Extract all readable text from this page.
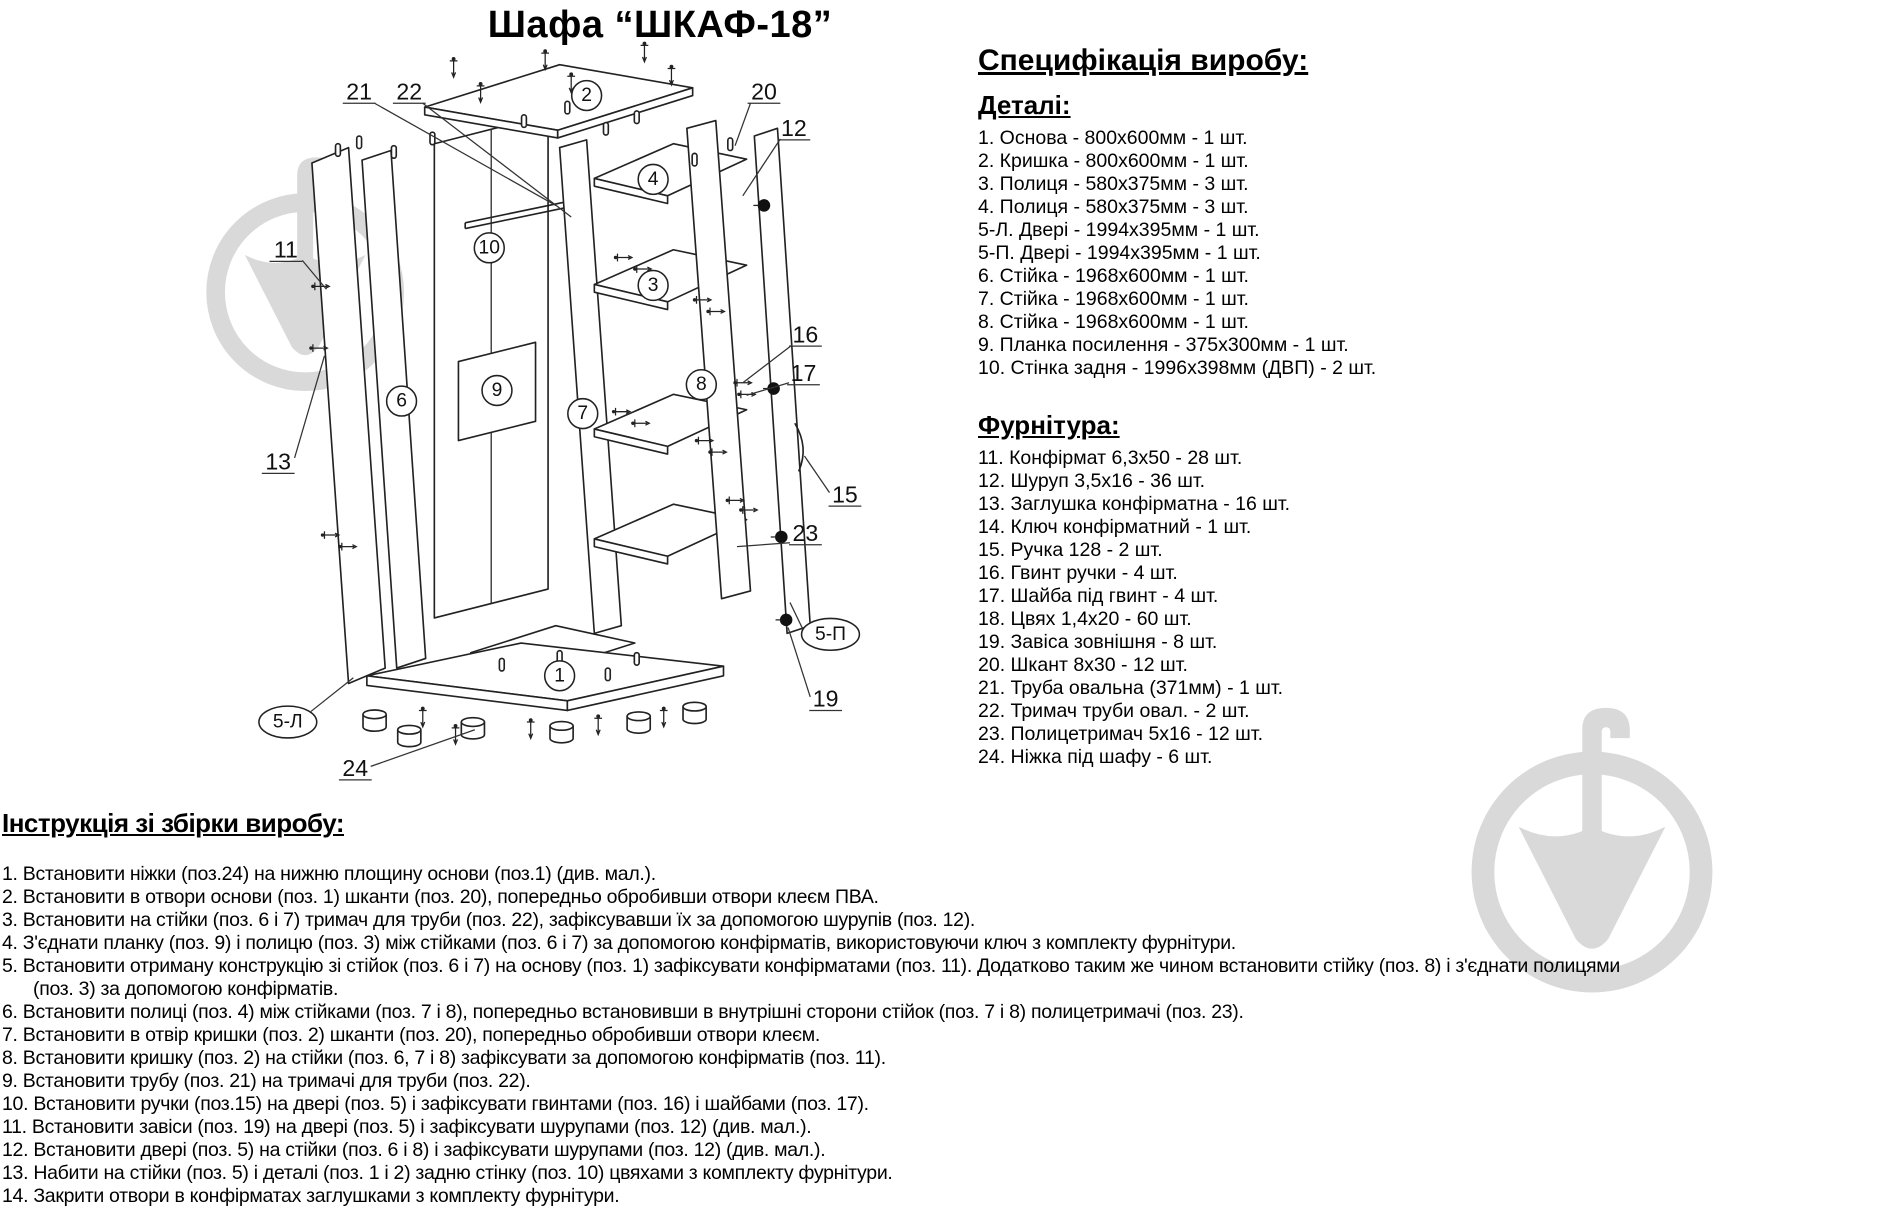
Шафа “ШКАФ-18”
21 22	20
12
11
13
16
17
15
23
19
24
2
4
3
10
9
6
7
8
1
5-Л
5-П
Специфікація виробу:
Деталі:
1. Основа - 800х600мм - 1 шт.
2. Кришка - 800х600мм - 1 шт.
3. Полиця - 580х375мм - 3 шт.
4. Полиця - 580х375мм - 3 шт.
5-Л. Двері - 1994х395мм - 1 шт.
5-П. Двері - 1994х395мм - 1 шт.
6. Стійка - 1968х600мм - 1 шт.
7. Стійка - 1968х600мм - 1 шт.
8. Стійка - 1968х600мм - 1 шт.
9. Планка посилення - 375х300мм - 1 шт.
10. Стінка задня - 1996х398мм (ДВП) - 2 шт.
Фурнітура:
11. Конфірмат 6,3х50 - 28 шт.
12. Шуруп 3,5х16 - 36 шт.
13. Заглушка конфірматна - 16 шт.
14. Ключ конфірматний - 1 шт.
15. Ручка 128 - 2 шт.
16. Гвинт ручки - 4 шт.
17. Шайба під гвинт - 4 шт.
18. Цвях 1,4х20 - 60 шт.
19. Завіса зовнішня - 8 шт.
20. Шкант 8х30 - 12 шт.
21. Труба овальна (371мм) - 1 шт.
22. Тримач труби овал. - 2 шт.
23. Полицетримач 5х16 - 12 шт.
24. Ніжка під шафу - 6 шт.
Інструкція зі збірки виробу:
1. Встановити ніжки (поз.24) на нижню площину основи (поз.1) (див. мал.).
2. Встановити в отвори основи (поз. 1) шканти (поз. 20), попередньо обробивши отвори клеєм ПВА.
3. Встановити на стійки (поз. 6 і 7) тримач для труби (поз. 22), зафіксувавши їх за допомогою шурупів (поз. 12).
4. З'єднати планку (поз. 9) і полицю (поз. 3) між стійками (поз. 6 і 7) за допомогою конфірматів, використовуючи ключ з комплекту фурнітури.
5. Встановити отриману конструкцію зі стійок (поз. 6 і 7) на основу (поз. 1) зафіксувати конфірматами (поз. 11). Додатково таким же чином встановити стійку (поз. 8) і з'єднати полицями
(поз. 3) за допомогою конфірматів.
6. Встановити полиці (поз. 4) між стійками (поз. 7 і 8), попередньо встановивши в внутрішні сторони стійок (поз. 7 і 8) полицетримачі (поз. 23).
7. Встановити в отвір кришки (поз. 2) шканти (поз. 20), попередньо обробивши отвори клеєм.
8. Встановити кришку (поз. 2) на стійки (поз. 6, 7 і 8) зафіксувати за допомогою конфірматів (поз. 11).
9. Встановити трубу (поз. 21) на тримачі для труби (поз. 22).
10. Встановити ручки (поз.15) на двері (поз. 5) і зафіксувати гвинтами (поз. 16) і шайбами (поз. 17).
11. Встановити завіси (поз. 19) на двері (поз. 5) і зафіксувати шурупами (поз. 12) (див. мал.).
12. Встановити двері (поз. 5) на стійки (поз. 6 і 8) і зафіксувати шурупами (поз. 12) (див. мал.).
13. Набити на стійки (поз. 5) і деталі (поз. 1 і 2) задню стінку (поз. 10) цвяхами з комплекту фурнітури.
14. Закрити отвори в конфірматах заглушками з комплекту фурнітури.
